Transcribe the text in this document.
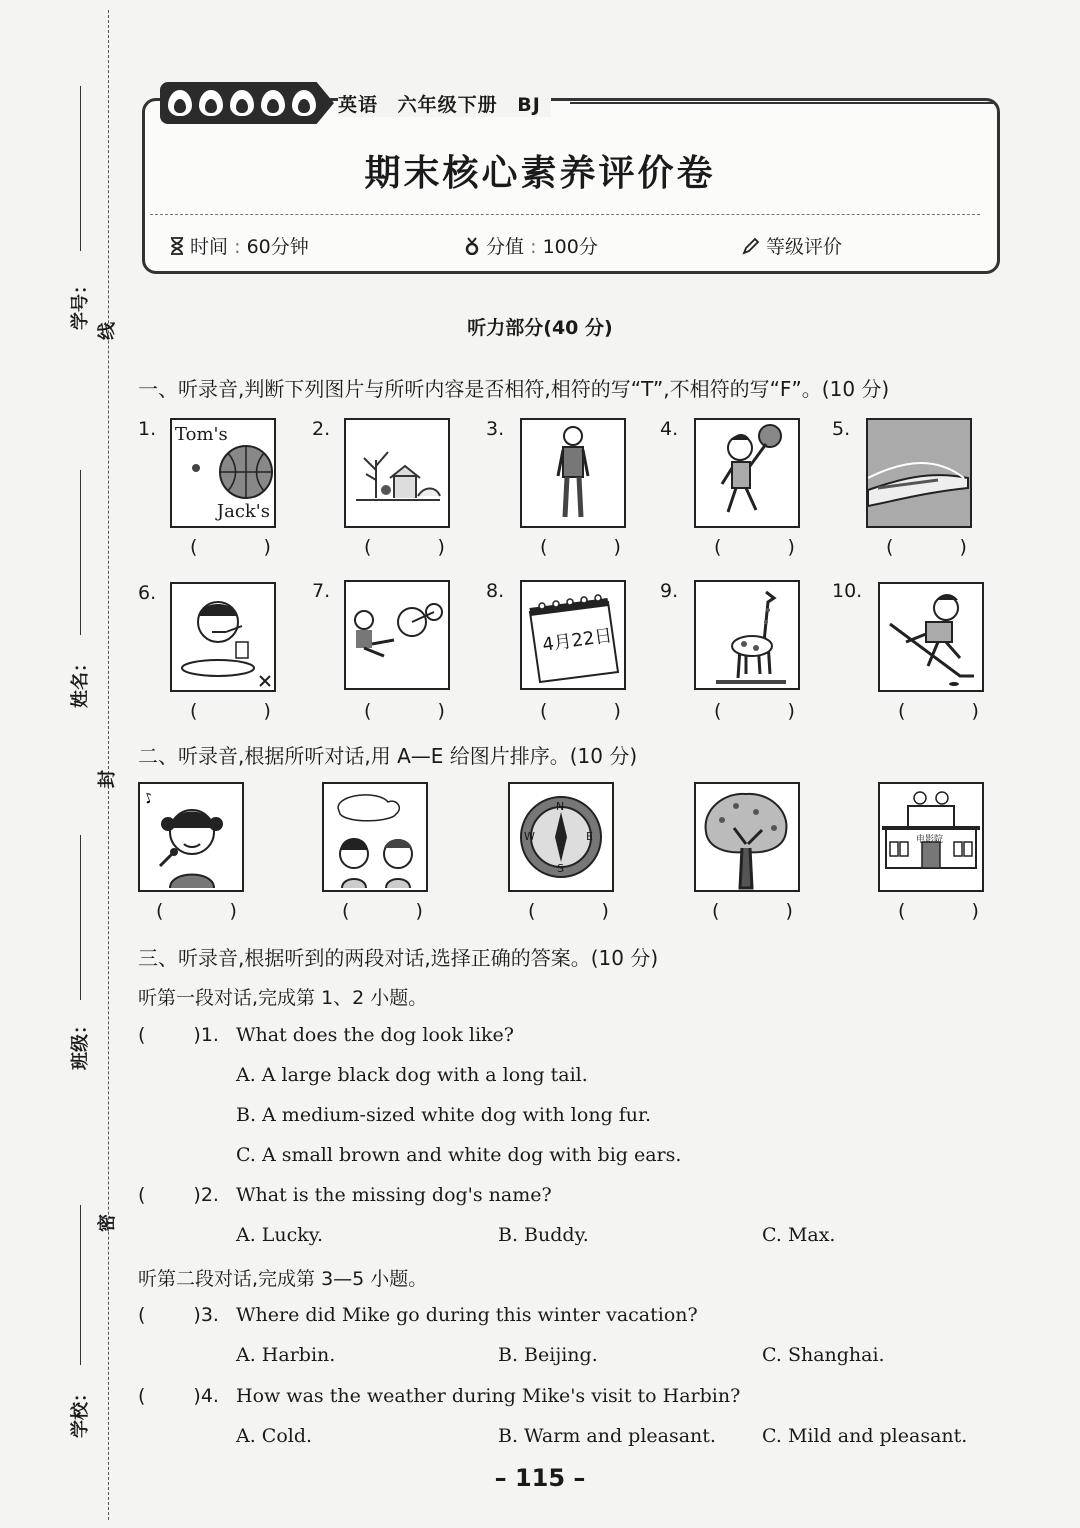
学号：
线
姓名：
封
班级：
密
学校：
英语 六年级下册 BJ
期末核心素养评价卷
时间 : 60分钟	分值 : 100分	等级评价
听力部分(40 分)
一、听录音,判断下列图片与所听内容是否相符,相符的写“T”,不相符的写“F”。(10 分)
1. Tom's
Jack's
( )
2.
( )
3.
( )
4.
( )
5.
( )
6.
( )
7.
( )
8.
4月22日
( )
9.
( )
10.
( )
二、听录音,根据所听对话,用 A—E 给图片排序。(10 分)
♪
( )	( )
N
E
S
W
( )	( )
电影院
( )
三、听录音,根据听到的两段对话,选择正确的答案。(10 分)
听第一段对话,完成第 1、2 小题。
(	)1. What does the dog look like?
A. A large black dog with a long tail.
B. A medium-sized white dog with long fur.
C. A small brown and white dog with big ears.
(	)2. What is the missing dog's name?
A. Lucky.	B. Buddy.	C. Max.
听第二段对话,完成第 3—5 小题。
(	)3. Where did Mike go during this winter vacation?
A. Harbin.	B. Beijing.	C. Shanghai.
(	)4. How was the weather during Mike's visit to Harbin?
A. Cold.	B. Warm and pleasant. C. Mild and pleasant.
– 115 –
